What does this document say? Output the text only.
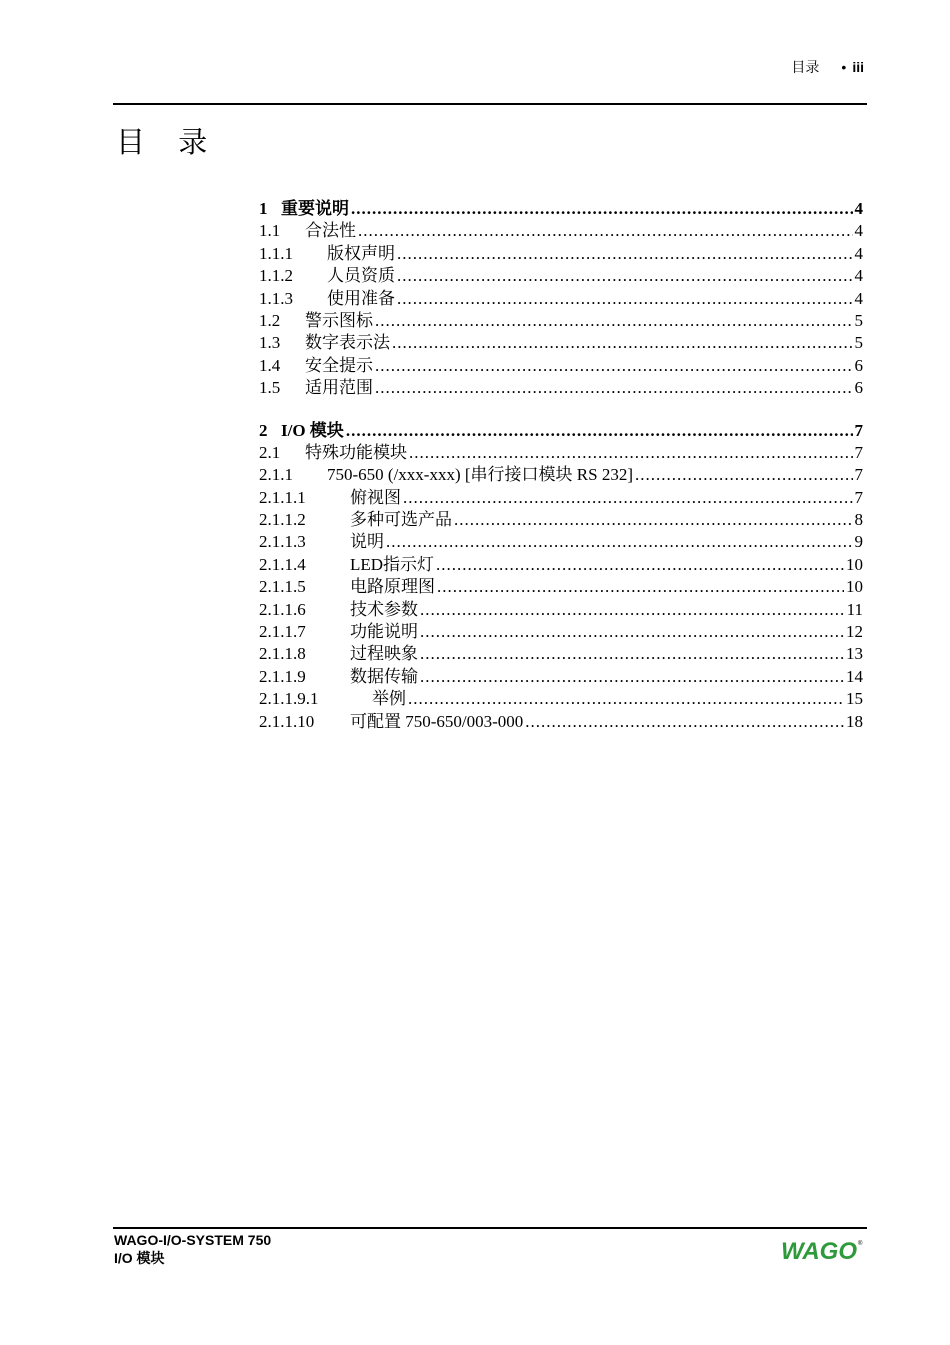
目录 • iii
目 录
1 重要说明 .....	4
1.1	合法性 .....	4
1.1.1	版权声明 .....	4
1.1.2	人员资质 .....	4
1.1.3	使用准备 .....	4
1.2	警示图标 .....	5
1.3	数字表示法 .....	5
1.4	安全提示 .....	6
1.5	适用范围 .....	6
2 I/O 模块 .....	7
2.1	特殊功能模块 .....	7
2.1.1	750-650 (/xxx-xxx) [串行接口模块 RS 232] .....	7
2.1.1.1	俯视图 .....	7
2.1.1.2	多种可选产品 .....	8
2.1.1.3	说明 .....	9
2.1.1.4	LED指示灯 .....	10
2.1.1.5	电路原理图 .....	10
2.1.1.6	技术参数 .....	11
2.1.1.7	功能说明 .....	12
2.1.1.8	过程映象 .....	13
2.1.1.9	数据传输 .....	14
2.1.1.9.1	举例 .....	15
2.1.1.10	可配置 750-650/003-000 .....	18
WAGO-I/O-SYSTEM 750
I/O 模块	WAGO ®
